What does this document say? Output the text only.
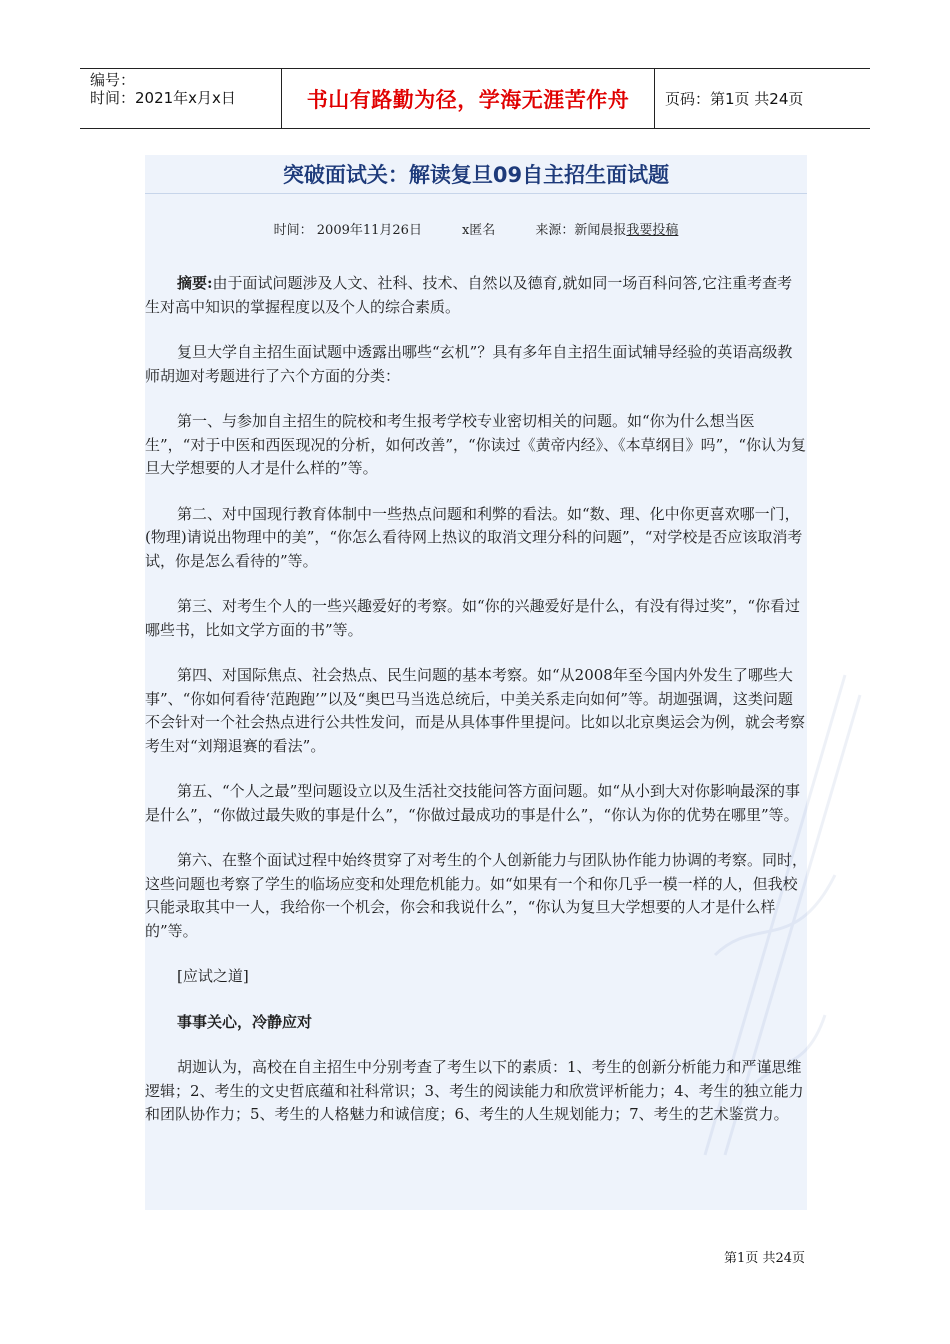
编号：
时间：2021年x月x日	书山有路勤为径，学海无涯苦作舟	页码：第1页 共24页
突破面试关：解读复旦09自主招生面试题
时间： 2009年11月26日	x匿名	来源：新闻晨报我要投稿

摘要:由于面试问题涉及人文、社科、技术、自然以及德育,就如同一场百科问答,它注重考查考生对高中知识的掌握程度以及个人的综合素质。

复旦大学自主招生面试题中透露出哪些“玄机”？具有多年自主招生面试辅导经验的英语高级教师胡迦对考题进行了六个方面的分类：

第一、与参加自主招生的院校和考生报考学校专业密切相关的问题。如“你为什么想当医生”，“对于中医和西医现况的分析，如何改善”，“你读过《黄帝内经》、《本草纲目》吗”，“你认为复旦大学想要的人才是什么样的”等。

第二、对中国现行教育体制中一些热点问题和利弊的看法。如“数、理、化中你更喜欢哪一门，(物理)请说出物理中的美”，“你怎么看待网上热议的取消文理分科的问题”，“对学校是否应该取消考试，你是怎么看待的”等。

第三、对考生个人的一些兴趣爱好的考察。如“你的兴趣爱好是什么，有没有得过奖”，“你看过哪些书，比如文学方面的书”等。

第四、对国际焦点、社会热点、民生问题的基本考察。如“从2008年至今国内外发生了哪些大事”、“你如何看待‘范跑跑’”以及“奥巴马当选总统后，中美关系走向如何”等。胡迦强调，这类问题不会针对一个社会热点进行公共性发问，而是从具体事件里提问。比如以北京奥运会为例，就会考察考生对“刘翔退赛的看法”。

第五、“个人之最”型问题设立以及生活社交技能问答方面问题。如“从小到大对你影响最深的事是什么”，“你做过最失败的事是什么”，“你做过最成功的事是什么”，“你认为你的优势在哪里”等。

第六、在整个面试过程中始终贯穿了对考生的个人创新能力与团队协作能力协调的考察。同时，这些问题也考察了学生的临场应变和处理危机能力。如“如果有一个和你几乎一模一样的人，但我校只能录取其中一人，我给你一个机会，你会和我说什么”，“你认为复旦大学想要的人才是什么样的”等。

[应试之道]

事事关心，冷静应对

胡迦认为，高校在自主招生中分别考查了考生以下的素质：1、考生的创新分析能力和严谨思维逻辑；2、考生的文史哲底蕴和社科常识；3、考生的阅读能力和欣赏评析能力；4、考生的独立能力和团队协作力；5、考生的人格魅力和诚信度；6、考生的人生规划能力；7、考生的艺术鉴赏力。

第1页 共24页
